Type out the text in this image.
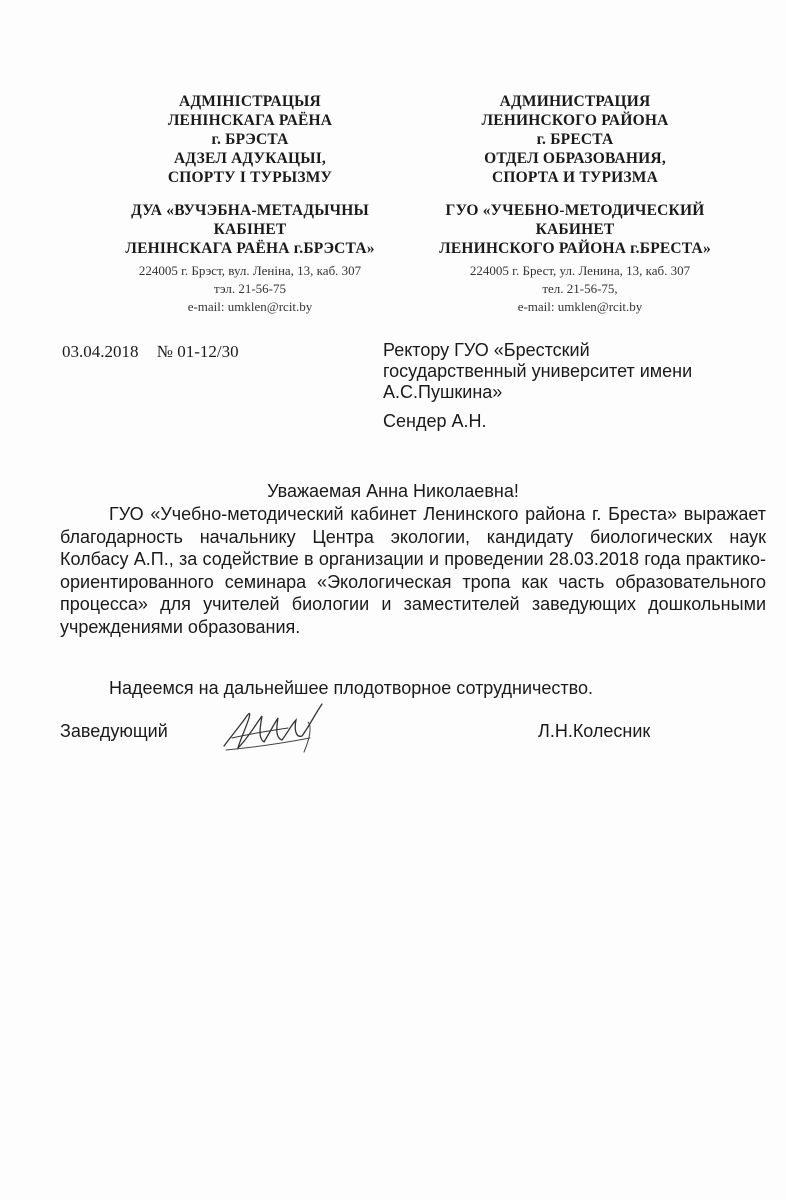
АДМІНІСТРАЦЫЯ
ЛЕНІНСКАГА РАЁНА
г. БРЭСТА
АДЗЕЛ АДУКАЦЫІ,
СПОРТУ І ТУРЫЗМУ
ДУА «ВУЧЭБНА-МЕТАДЫЧНЫ
КАБІНЕТ
ЛЕНІНСКАГА РАЁНА г.БРЭСТА»
АДМИНИСТРАЦИЯ
ЛЕНИНСКОГО РАЙОНА
г. БРЕСТА
ОТДЕЛ ОБРАЗОВАНИЯ,
СПОРТА И ТУРИЗМА
ГУО «УЧЕБНО-МЕТОДИЧЕСКИЙ
КАБИНЕТ
ЛЕНИНСКОГО РАЙОНА г.БРЕСТА»
224005 г. Брэст, вул. Леніна, 13, каб. 307
тэл. 21-56-75
e-mail: umklen@rcit.by
224005 г. Брест, ул. Ленина, 13, каб. 307
тел. 21-56-75,
e-mail: umklen@rcit.by
03.04.2018 № 01-12/30	Ректору ГУО «Брестский
государственный университет имени
А.С.Пушкина»
Сендер А.Н.
Уважаемая Анна Николаевна!
ГУО «Учебно-методический кабинет Ленинского района г. Бреста» выражает благодарность начальнику Центра экологии, кандидату биологических наук Колбасу А.П., за содействие в организации и проведении 28.03.2018 года практико-ориентированного семинара «Экологическая тропа как часть образовательного процесса» для учителей биологии и заместителей заведующих дошкольными учреждениями образования.
Надеемся на дальнейшее плодотворное сотрудничество.
Заведующий	Л.Н.Колесник
